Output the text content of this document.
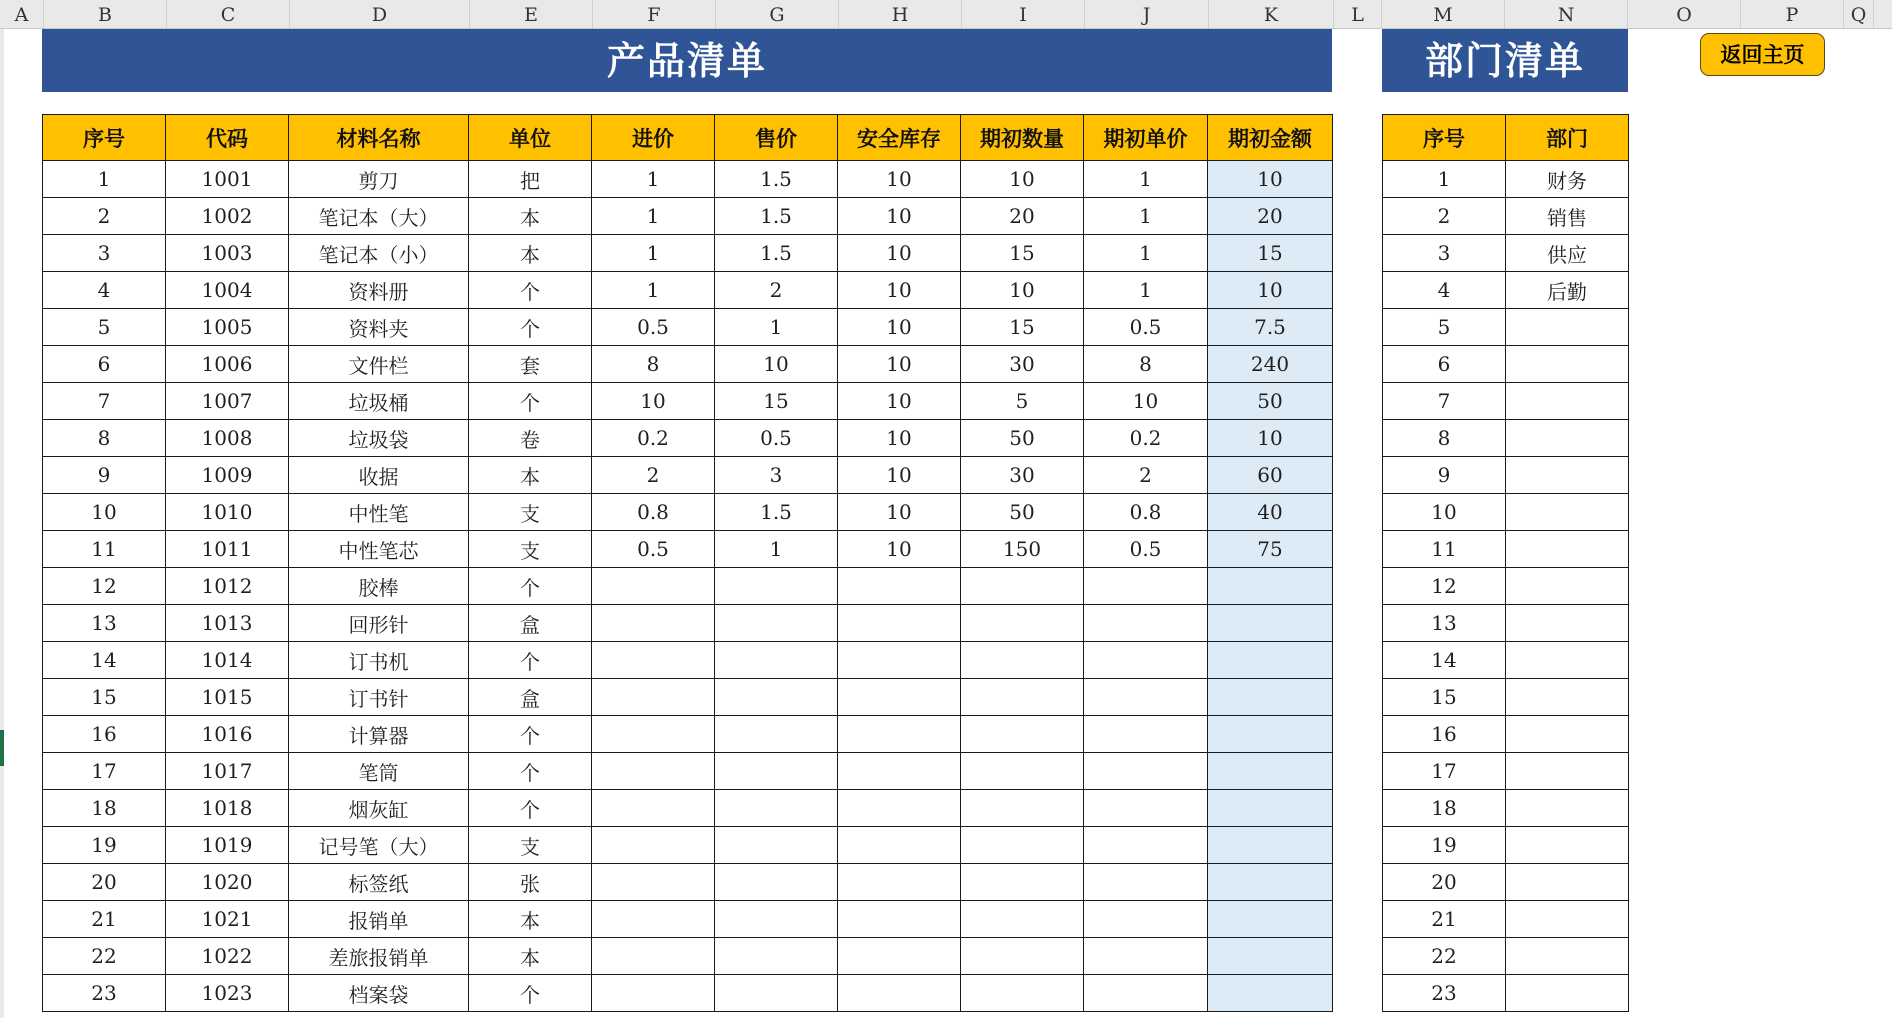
A	B	C	D	E	F	G	H	I	J	K	L	M	N	O	P	Q
产品清单	部门清单	返回主页
序号	代码	材料名称	单位	进价	售价	安全库存	期初数量	期初单价	期初金额
1	1001	剪刀	把	1	1.5	10	10	1	10
2	1002	笔记本（大）	本	1	1.5	10	20	1	20
3	1003	笔记本（小）	本	1	1.5	10	15	1	15
4	1004	资料册	个	1	2	10	10	1	10
5	1005	资料夹	个	0.5	1	10	15	0.5	7.5
6	1006	文件栏	套	8	10	10	30	8	240
7	1007	垃圾桶	个	10	15	10	5	10	50
8	1008	垃圾袋	卷	0.2	0.5	10	50	0.2	10
9	1009	收据	本	2	3	10	30	2	60
10	1010	中性笔	支	0.8	1.5	10	50	0.8	40
11	1011	中性笔芯	支	0.5	1	10	150	0.5	75
12	1012	胶棒	个						
13	1013	回形针	盒						
14	1014	订书机	个						
15	1015	订书针	盒						
16	1016	计算器	个						
17	1017	笔筒	个						
18	1018	烟灰缸	个						
19	1019	记号笔（大）	支						
20	1020	标签纸	张						
21	1021	报销单	本						
22	1022	差旅报销单	本						
23	1023	档案袋	个						
序号	部门
1	财务
2	销售
3	供应
4	后勤
5	
6	
7	
8	
9	
10	
11	
12	
13	
14	
15	
16	
17	
18	
19	
20	
21	
22	
23	
